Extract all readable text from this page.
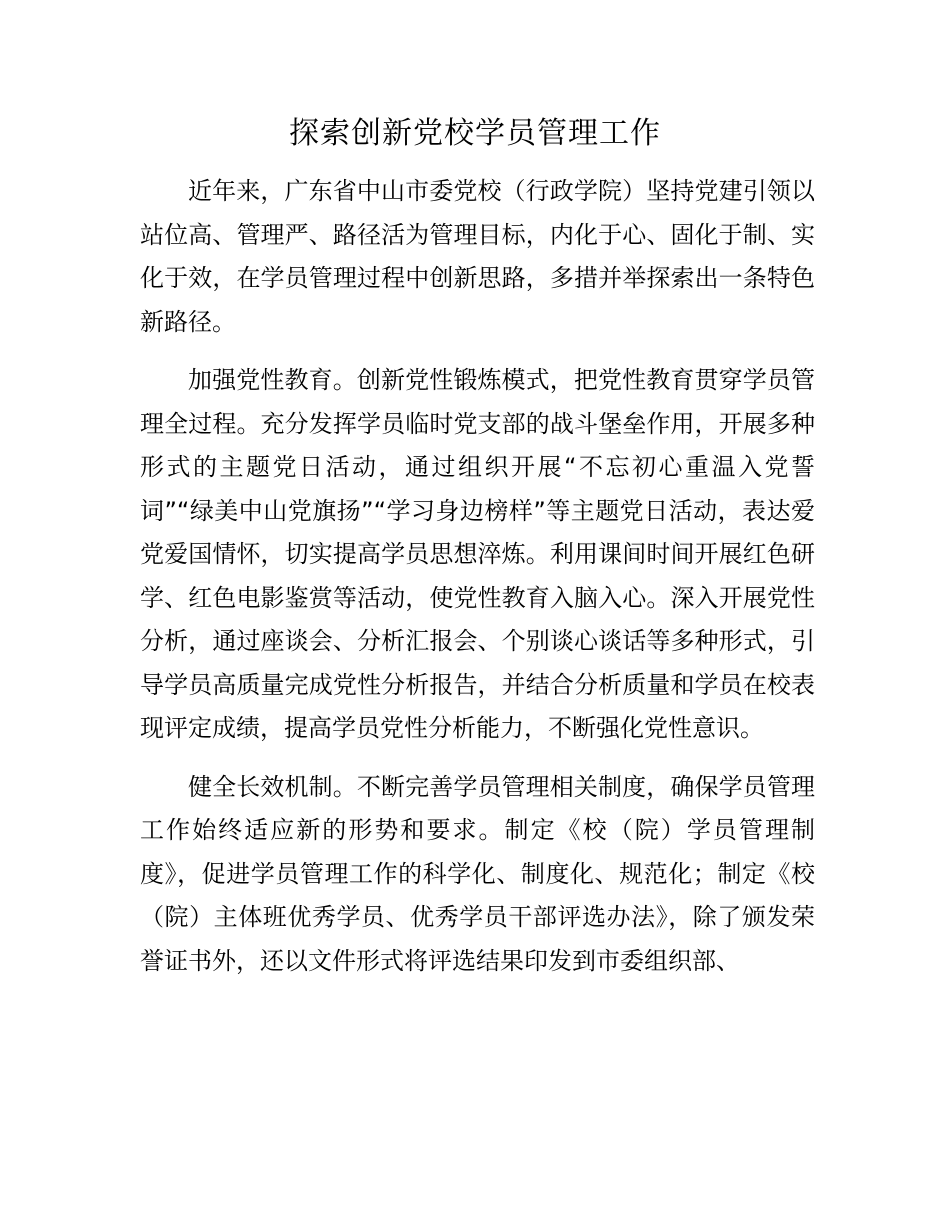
探索创新党校学员管理工作

近年来，广东省中山市委党校（行政学院）坚持党建引领以站位高、管理严、路径活为管理目标，内化于心、固化于制、实化于效，在学员管理过程中创新思路，多措并举探索出一条特色新路径。

加强党性教育。创新党性锻炼模式，把党性教育贯穿学员管理全过程。充分发挥学员临时党支部的战斗堡垒作用，开展多种形式的主题党日活动，通过组织开展“不忘初心重温入党誓词”“绿美中山党旗扬”“学习身边榜样”等主题党日活动，表达爱党爱国情怀，切实提高学员思想淬炼。利用课间时间开展红色研学、红色电影鉴赏等活动，使党性教育入脑入心。深入开展党性分析，通过座谈会、分析汇报会、个别谈心谈话等多种形式，引导学员高质量完成党性分析报告，并结合分析质量和学员在校表现评定成绩，提高学员党性分析能力，不断强化党性意识。

健全长效机制。不断完善学员管理相关制度，确保学员管理工作始终适应新的形势和要求。制定《校（院）学员管理制度》，促进学员管理工作的科学化、制度化、规范化；制定《校（院）主体班优秀学员、优秀学员干部评选办法》，除了颁发荣誉证书外，还以文件形式将评选结果印发到市委组织部、
